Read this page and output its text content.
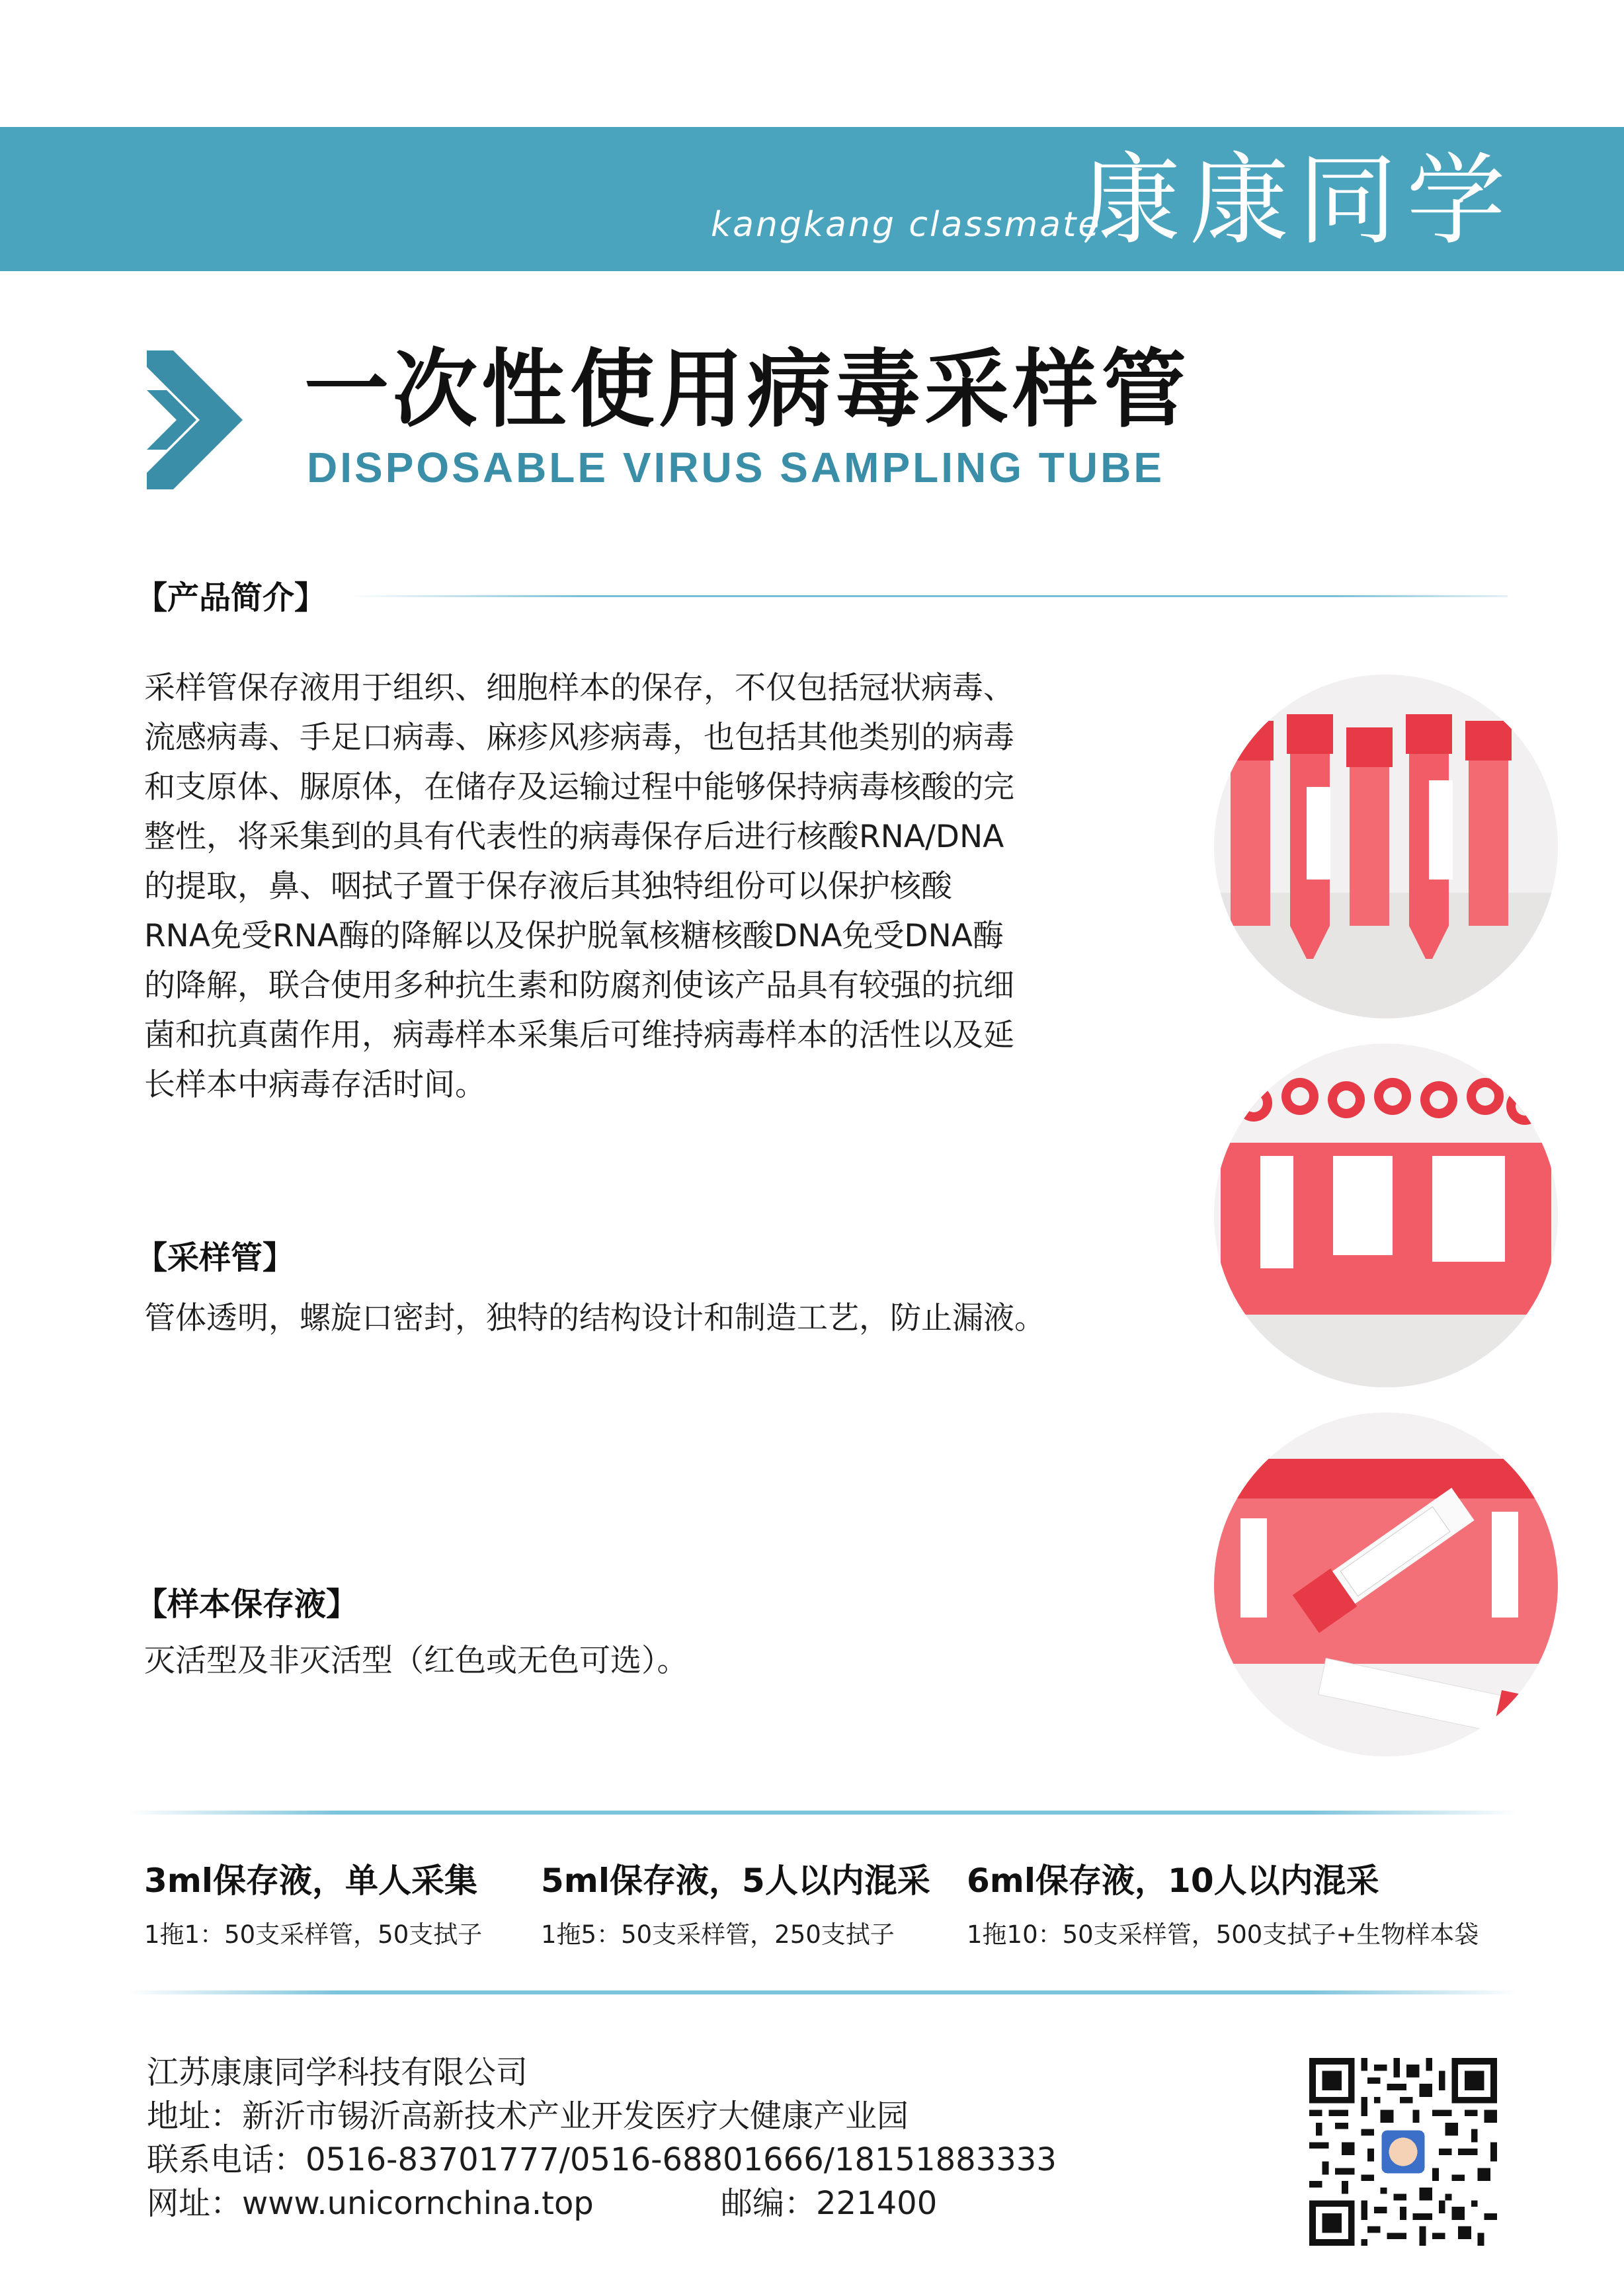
kangkang classmate
康康同学
一次性使用病毒采样管
DISPOSABLE VIRUS SAMPLING TUBE
【产品简介】
采样管保存液用于组织、细胞样本的保存，不仅包括冠状病毒、
流感病毒、手足口病毒、麻疹风疹病毒，也包括其他类别的病毒
和支原体、脲原体，在储存及运输过程中能够保持病毒核酸的完
整性，将采集到的具有代表性的病毒保存后进行核酸RNA/DNA
的提取，鼻、咽拭子置于保存液后其独特组份可以保护核酸
RNA免受RNA酶的降解以及保护脱氧核糖核酸DNA免受DNA酶
的降解，联合使用多种抗生素和防腐剂使该产品具有较强的抗细
菌和抗真菌作用，病毒样本采集后可维持病毒样本的活性以及延
长样本中病毒存活时间。
【采样管】
管体透明，螺旋口密封，独特的结构设计和制造工艺，防止漏液。
【样本保存液】
灭活型及非灭活型（红色或无色可选）。
3ml保存液，单人采集
1拖1：50支采样管，50支拭子
5ml保存液，5人以内混采
1拖5：50支采样管，250支拭子
6ml保存液，10人以内混采
1拖10：50支采样管，500支拭子+生物样本袋
江苏康康同学科技有限公司
地址：新沂市锡沂高新技术产业开发医疗大健康产业园
联系电话：0516-83701777/0516-68801666/18151883333
网址：www.unicornchina.top	邮编：221400
